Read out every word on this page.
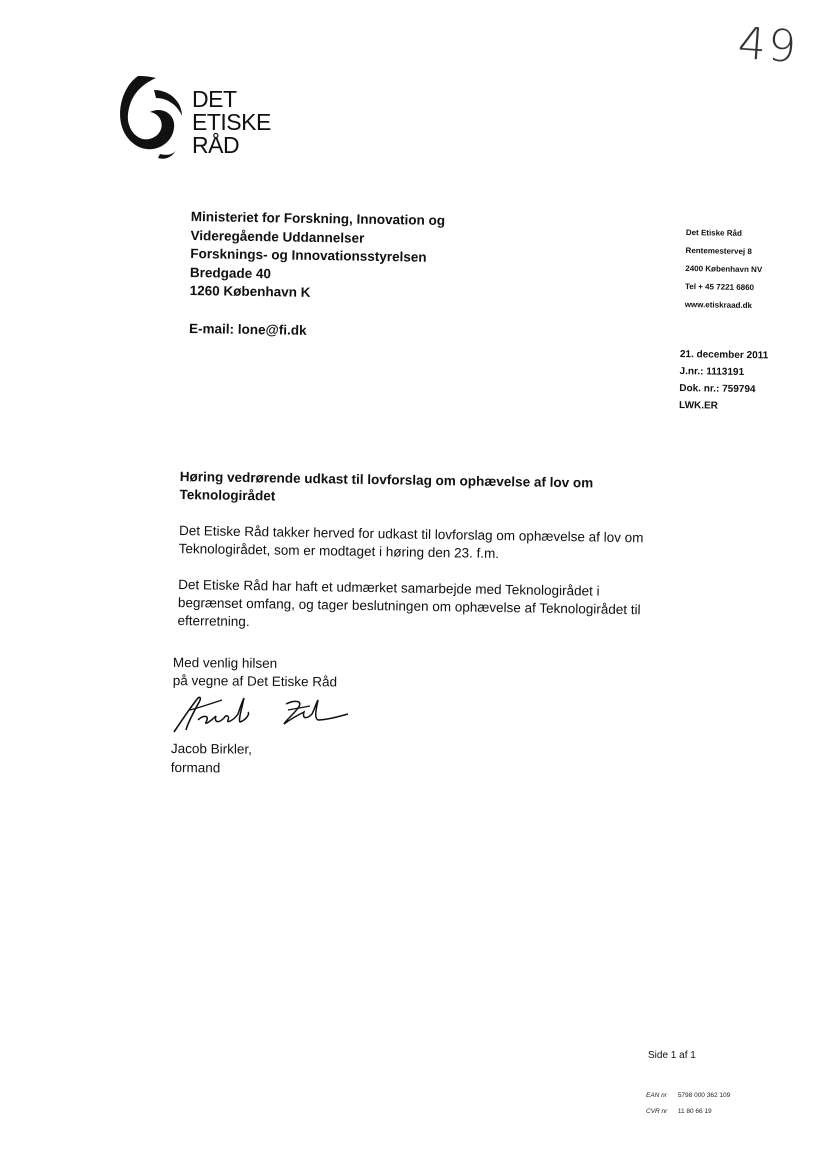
49
DET
ETISKE
RÅD
Ministeriet for Forskning, Innovation og
Videregående Uddannelser
Forsknings- og Innovationsstyrelsen
Bredgade 40
1260 København K
E-mail: lone@fi.dk
Det Etiske Råd
Rentemestervej 8
2400 København NV
Tel + 45 7221 6860
www.etiskraad.dk
21. december 2011
J.nr.: 1113191
Dok. nr.: 759794
LWK.ER

Høring vedrørende udkast til lovforslag om ophævelse af lov om Teknologirådet

Det Etiske Råd takker herved for udkast til lovforslag om ophævelse af lov om Teknologirådet, som er modtaget i høring den 23. f.m.

Det Etiske Råd har haft et udmærket samarbejde med Teknologirådet i begrænset omfang, og tager beslutningen om ophævelse af Teknologirådet til efterretning.

Med venlig hilsen
på vegne af Det Etiske Råd
Jacob Birkler,
formand
Side 1 af 1
EAN nr 5798 000 362 109
CVR nr 11 80 66 19
